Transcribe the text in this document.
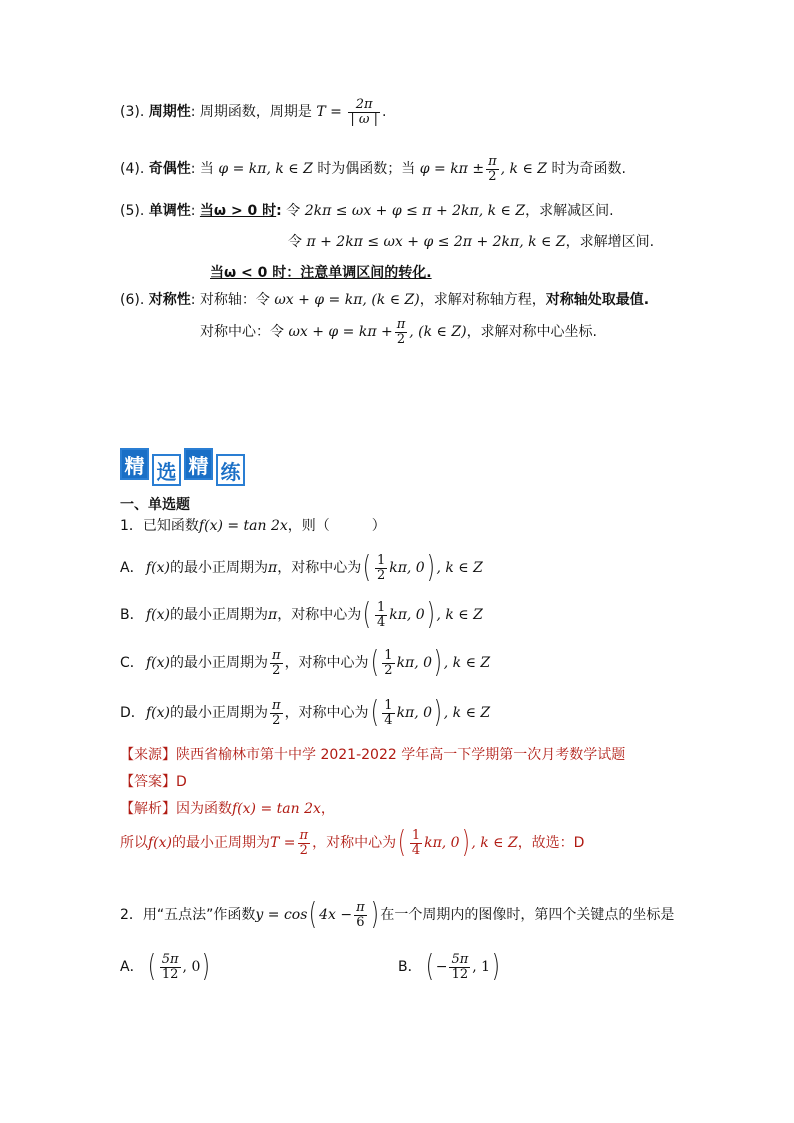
(3). 周期性: 周期函数，周期是 $T = \frac{2\pi}{| \omega |}$ .
(4). 奇偶性: 当 φ = kπ, k ∈ Z 时为偶函数；当 $\varphi = k\pi \pm \frac{\pi}{2}$ , k ∈ Z 时为奇函数.
(5). 单调性: 当ω > 0 时: 令 2kπ ≤ ωx + φ ≤ π + 2kπ, k ∈ Z，求解减区间.
令 π + 2kπ ≤ ωx + φ ≤ 2π + 2kπ, k ∈ Z，求解增区间.
当ω < 0 时：注意单调区间的转化.
(6). 对称性: 对称轴：令 ωx + φ = kπ, (k ∈ Z)，求解对称轴方程，对称轴处取最值.
对称中心：令 $\omega x + \varphi = k\pi + \frac{\pi}{2}$ , (k ∈ Z)，求解对称中心坐标.
精 选 精 练
一、单选题
1．已知函数f(x) = tan 2x，则（　　　）
A． f(x)的最小正周期为π，对称中心为( $\frac{1}{2} k\pi$, 0) , k ∈ Z
B． f(x)的最小正周期为π，对称中心为( $\frac{1}{4} k\pi$, 0) , k ∈ Z
C． f(x)的最小正周期为 $\frac{\pi}{2}$ ，对称中心为( $\frac{1}{2} k\pi$, 0) , k ∈ Z
D．f(x)的最小正周期为 $\frac{\pi}{2}$ ，对称中心为( $\frac{1}{4} k\pi$, 0) , k ∈ Z
【来源】陕西省榆林市第十中学 2021-2022 学年高一下学期第一次月考数学试题
【答案】D
【解析】因为函数f(x) = tan 2x，
所以f(x)的最小正周期为$T = \frac{\pi}{2}$ ，对称中心为( $\frac{1}{4} k\pi$, 0) , k ∈ Z，故选：D
2．用“五点法”作函数y = cos( $4x - \frac{\pi}{6}$ ) 在一个周期内的图像时，第四个关键点的坐标是
A． ( $\frac{5\pi}{12}$ , 0)	B． ( − $\frac{5\pi}{12}$ , 1)
